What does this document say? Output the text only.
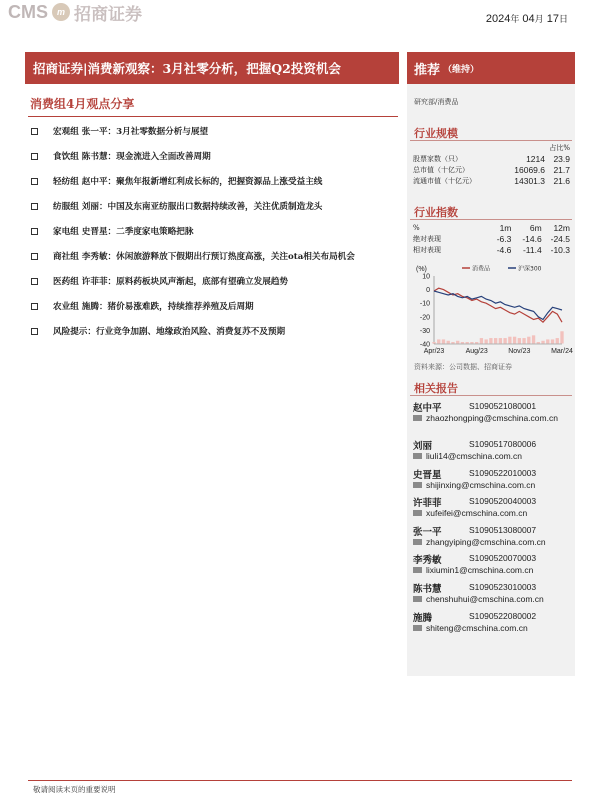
CMS m 招商证券	2024年 04月 17日
招商证券|消费新观察：3月社零分析，把握Q2投资机会
消费组4月观点分享
宏观组 张一平：3月社零数据分析与展望
食饮组 陈书慧：现金流进入全面改善周期
轻纺组 赵中平：聚焦年报新增红利成长标的，把握资源品上涨受益主线
纺服组 刘丽：中国及东南亚纺服出口数据持续改善，关注优质制造龙头
家电组 史晋星：二季度家电策略把脉
商社组 李秀敏：休闲旅游释放下假期出行预订热度高涨，关注ota相关布局机会
医药组 许菲菲：原料药板块风声渐起，底部有望确立发展趋势
农业组 施腾：猪价易涨难跌，持续推荐养殖及后周期
风险提示：行业竞争加剧、地缘政治风险、消费复苏不及预期
推荐 （维持）
研究部/消费品
行业规模
		占比%
股票家数（只）	1214	23.9
总市值（十亿元）	16069.6	21.7
流通市值（十亿元）	14301.3	21.6
行业指数
%	1m	6m	12m
绝对表现	-6.3	-14.6	-24.5
相对表现	-4.6	-11.4	-10.3
(%)	消费品	沪深300
10
0
-10
-20
-30
-40
Apr/23	Aug/23	Nov/23	Mar/24
资料来源：公司数据、招商证券
相关报告
赵中平	S1090521080001
zhaozhongping@cmschina.com.cn
刘丽	S1090517080006
liuli14@cmschina.com.cn
史晋星	S1090522010003
shijinxing@cmschina.com.cn
许菲菲	S1090520040003
xufeifei@cmschina.com.cn
张一平	S1090513080007
zhangyiping@cmschina.com.cn
李秀敏	S1090520070003
lixiumin1@cmschina.com.cn
陈书慧	S1090523010003
chenshuhui@cmschina.com.cn
施腾	S1090522080002
shiteng@cmschina.com.cn
敬请阅读末页的重要说明
